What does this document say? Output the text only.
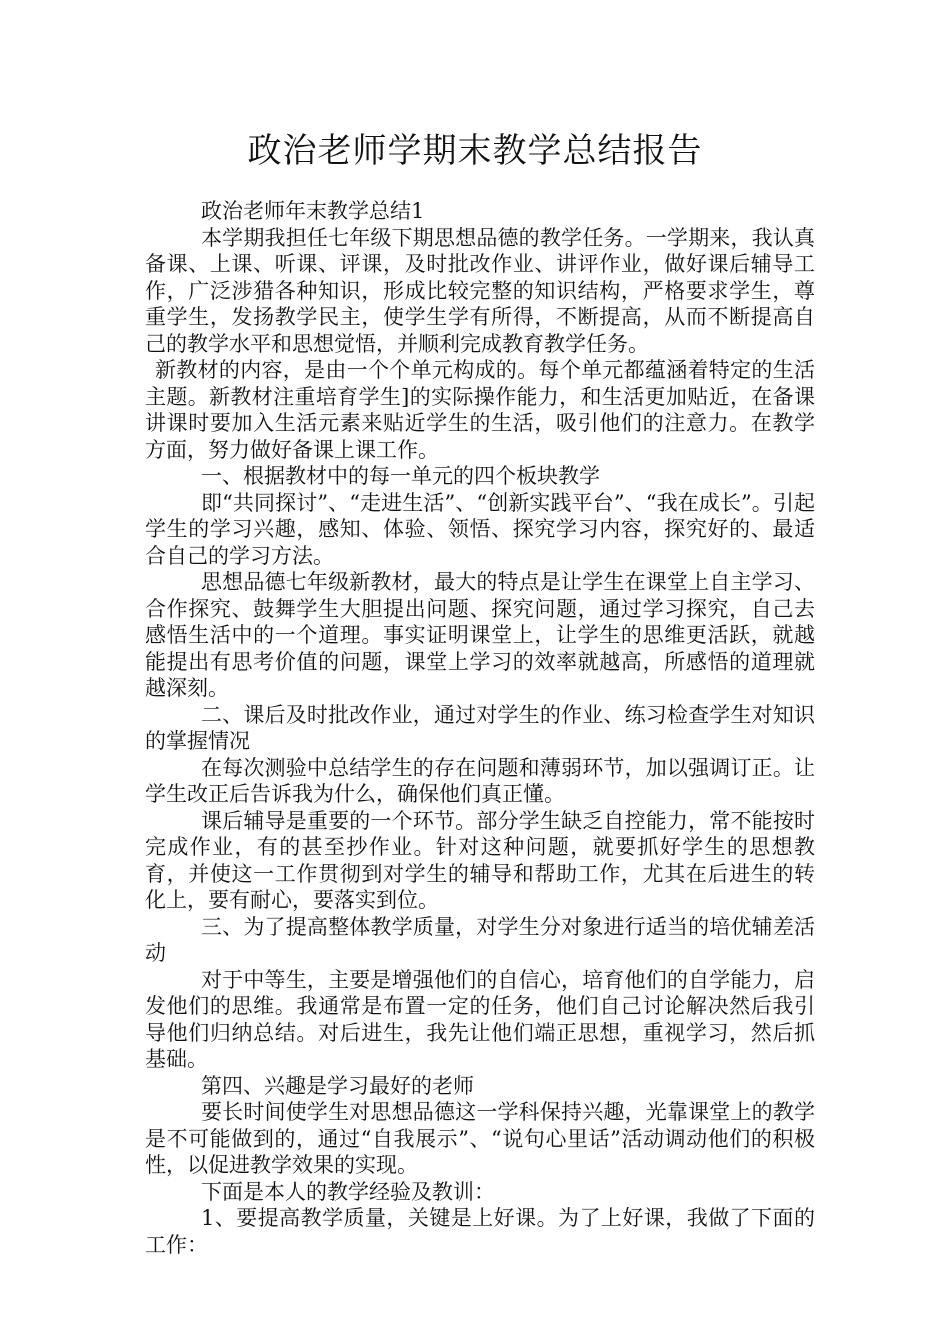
政治老师学期末教学总结报告

政治老师年末教学总结1

本学期我担任七年级下期思想品德的教学任务。一学期来，我认真备课、上课、听课、评课，及时批改作业、讲评作业，做好课后辅导工作，广泛涉猎各种知识，形成比较完整的知识结构，严格要求学生，尊重学生，发扬教学民主，使学生学有所得，不断提高，从而不断提高自己的教学水平和思想觉悟，并顺利完成教育教学任务。

新教材的内容，是由一个个单元构成的。每个单元都蕴涵着特定的生活主题。新教材注重培育学生]的实际操作能力，和生活更加贴近，在备课讲课时要加入生活元素来贴近学生的生活，吸引他们的注意力。在教学方面，努力做好备课上课工作。

一、根据教材中的每一单元的四个板块教学

即“共同探讨”、“走进生活”、“创新实践平台”、“我在成长”。引起学生的学习兴趣，感知、体验、领悟、探究学习内容，探究好的、最适合自己的学习方法。

思想品德七年级新教材，最大的特点是让学生在课堂上自主学习、合作探究、鼓舞学生大胆提出问题、探究问题，通过学习探究，自己去感悟生活中的一个道理。事实证明课堂上，让学生的思维更活跃，就越能提出有思考价值的问题，课堂上学习的效率就越高，所感悟的道理就越深刻。

二、课后及时批改作业，通过对学生的作业、练习检查学生对知识的掌握情况

在每次测验中总结学生的存在问题和薄弱环节，加以强调订正。让学生改正后告诉我为什么，确保他们真正懂。

课后辅导是重要的一个环节。部分学生缺乏自控能力，常不能按时完成作业，有的甚至抄作业。针对这种问题，就要抓好学生的思想教育，并使这一工作贯彻到对学生的辅导和帮助工作，尤其在后进生的转化上，要有耐心，要落实到位。

三、为了提高整体教学质量，对学生分对象进行适当的培优辅差活动

对于中等生，主要是增强他们的自信心，培育他们的自学能力，启发他们的思维。我通常是布置一定的任务，他们自己讨论解决然后我引导他们归纳总结。对后进生，我先让他们端正思想，重视学习，然后抓基础。

第四、兴趣是学习最好的老师

要长时间使学生对思想品德这一学科保持兴趣，光靠课堂上的教学是不可能做到的，通过“自我展示”、“说句心里话”活动调动他们的积极性，以促进教学效果的实现。

下面是本人的教学经验及教训：

1、要提高教学质量，关键是上好课。为了上好课，我做了下面的工作：
